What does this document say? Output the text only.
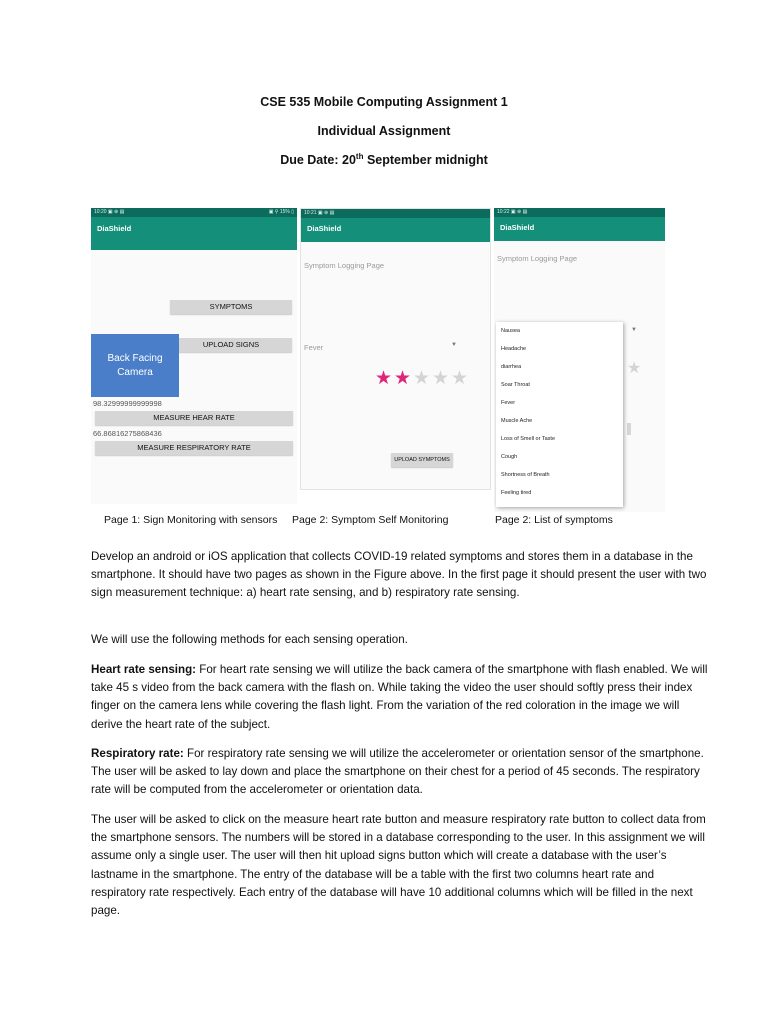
CSE 535 Mobile Computing Assignment 1
Individual Assignment
Due Date: 20th September midnight
10:20 ▣ ⊕ ▤	▣ ⚲ 15% ▯
DiaShield
SYMPTOMS
UPLOAD SIGNS
Back Facing Camera
98.32999999999998
MEASURE HEAR RATE
66.86816275868436
MEASURE RESPIRATORY RATE
10:21 ▣ ⊕ ▤
DiaShield
Symptom Logging Page
Fever	▼
★ ★ ★ ★ ★
UPLOAD SYMPTOMS
10:22 ▣ ⊕ ▤
DiaShield
Symptom Logging Page
★
▼
Nausea
Headache
diarrhea
Soar Throat
Fever
Muscle Ache
Loss of Smell or Taste
Cough
Shortness of Breath
Feeling tired
Page 1: Sign Monitoring with sensors Page 2: Symptom Self Monitoring	Page 2: List of symptoms
Develop an android or iOS application that collects COVID-19 related symptoms and stores them in a database in the smartphone. It should have two pages as shown in the Figure above. In the first page it should present the user with two sign measurement technique: a) heart rate sensing, and b) respiratory rate sensing.
We will use the following methods for each sensing operation.
Heart rate sensing: For heart rate sensing we will utilize the back camera of the smartphone with flash enabled. We will take 45 s video from the back camera with the flash on. While taking the video the user should softly press their index finger on the camera lens while covering the flash light. From the variation of the red coloration in the image we will derive the heart rate of the subject.
Respiratory rate: For respiratory rate sensing we will utilize the accelerometer or orientation sensor of the smartphone. The user will be asked to lay down and place the smartphone on their chest for a period of 45 seconds. The respiratory rate will be computed from the accelerometer or orientation data.
The user will be asked to click on the measure heart rate button and measure respiratory rate button to collect data from the smartphone sensors. The numbers will be stored in a database corresponding to the user. In this assignment we will assume only a single user. The user will then hit upload signs button which will create a database with the user’s lastname in the smartphone. The entry of the database will be a table with the first two columns heart rate and respiratory rate respectively. Each entry of the database will have 10 additional columns which will be filled in the next page.
